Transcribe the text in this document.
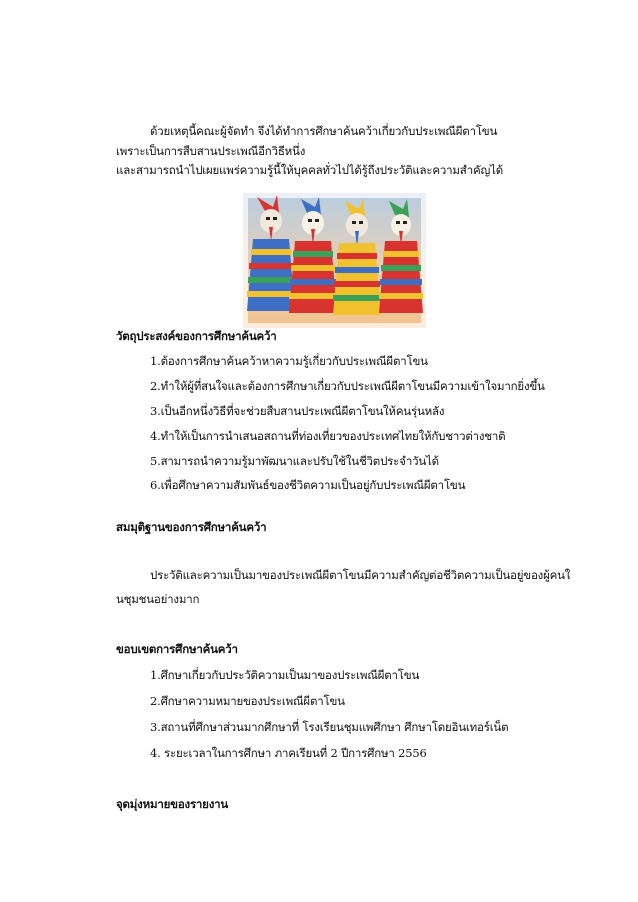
ด้วยเหตุนี้คณะผู้จัดทำ จึงได้ทำการศึกษาค้นคว้าเกี่ยวกับประเพณีผีตาโขน
เพราะเป็นการสืบสานประเพณีอีกวิธีหนึ่ง
และสามารถนำไปเผยแพร่ความรู้นี้ให้บุคคลทั่วไปได้รู้ถึงประวัติและความสำคัญได้
วัตถุประสงค์ของการศึกษาค้นคว้า
1.ต้องการศึกษาค้นคว้าหาความรู้เกี่ยวกับประเพณีผีตาโขน
2.ทำให้ผู้ที่สนใจและต้องการศึกษาเกี่ยวกับประเพณีผีตาโขนมีความเข้าใจมากยิ่งขึ้น
3.เป็นอีกหนึ่งวิธีที่จะช่วยสืบสานประเพณีผีตาโขนให้คนรุ่นหลัง
4.ทำให้เป็นการนำเสนอสถานที่ท่องเที่ยวของประเทศไทยให้กับชาวต่างชาติ
5.สามารถนำความรู้มาพัฒนาและปรับใช้ในชีวิตประจำวันได้
6.เพื่อศึกษาความสัมพันธ์ของชีวิตความเป็นอยู่กับประเพณีผีตาโขน
สมมุติฐานของการศึกษาค้นคว้า
ประวัติและความเป็นมาของประเพณีผีตาโขนมีความสำคัญต่อชีวิตความเป็นอยู่ของผู้คนใ
นชุมชนอย่างมาก
ขอบเขตการศึกษาค้นคว้า
1.ศึกษาเกี่ยวกับประวัติความเป็นมาของประเพณีผีตาโขน
2.ศึกษาความหมายของประเพณีผีตาโขน
3.สถานที่ศึกษาส่วนมากศึกษาที่ โรงเรียนชุมแพศึกษา ศึกษาโดยอินเทอร์เน็ต
4. ระยะเวลาในการศึกษา ภาคเรียนที่ 2 ปีการศึกษา 2556
จุดมุ่งหมายของรายงาน
